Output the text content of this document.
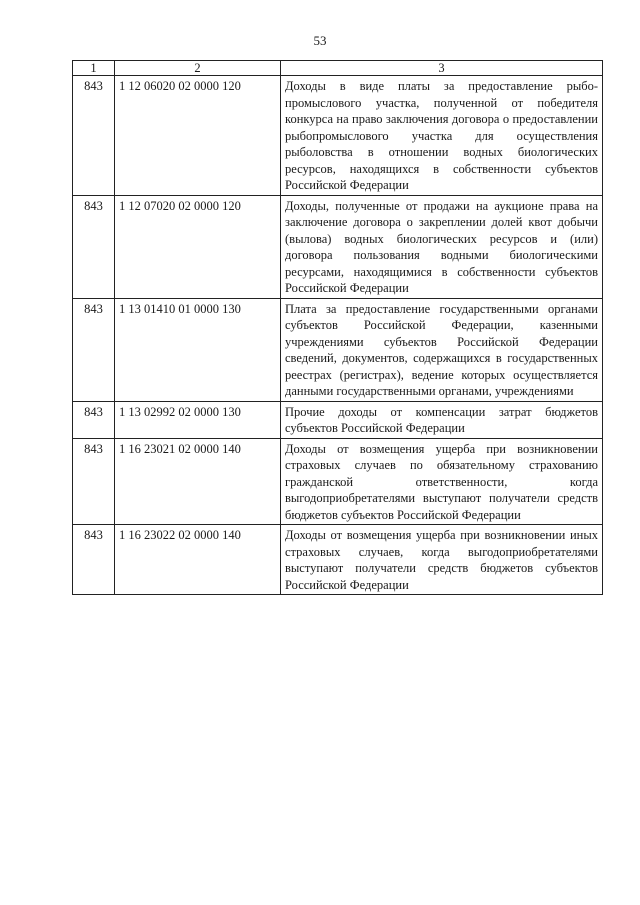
53
1	2	3
843	1 12 06020 02 0000 120	Доходы в виде платы за предоставление рыбопромыслового участка, полученной от победителя конкурса на право заключения договора о предоставлении рыбопромыслового участка для осуществления рыболовства в отношении водных биологических ресурсов, находящихся в собственности субъектов Российской Федерации
843	1 12 07020 02 0000 120	Доходы, полученные от продажи на аукционе права на заключение договора о закреплении долей квот добычи (вылова) водных биологических ресурсов и (или) договора пользования водными биологическими ресурсами, находящимися в собственности субъектов Российской Федерации
843	1 13 01410 01 0000 130	Плата за предоставление государственными органами субъектов Российской Федерации, казенными учреждениями субъектов Российской Федерации сведений, документов, содержащихся в государственных реестрах (регистрах), ведение которых осуществляется данными государственными органами, учреждениями
843	1 13 02992 02 0000 130	Прочие доходы от компенсации затрат бюджетов субъектов Российской Федерации
843	1 16 23021 02 0000 140	Доходы от возмещения ущерба при возникновении страховых случаев по обязательному страхованию гражданской ответственности, когда выгодоприобретателями выступают получатели средств бюджетов субъектов Российской Федерации
843	1 16 23022 02 0000 140	Доходы от возмещения ущерба при возникновении иных страховых случаев, когда выгодоприобретателями выступают получатели средств бюджетов субъектов Российской Федерации
